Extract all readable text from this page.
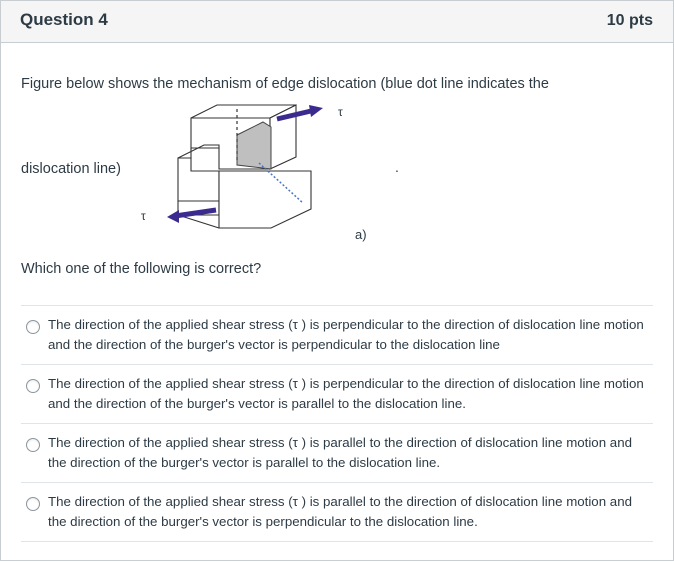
Question 4	10 pts
Figure below shows the mechanism of edge dislocation (blue dot line indicates the
τ
τ
a)
dislocation line)	.
Which one of the following is correct?
The direction of the applied shear stress (τ ) is perpendicular to the direction of dislocation line motion and the direction of the burger's vector is perpendicular to the dislocation line
The direction of the applied shear stress (τ ) is perpendicular to the direction of dislocation line motion and the direction of the burger's vector is parallel to the dislocation line.
The direction of the applied shear stress (τ ) is parallel to the direction of dislocation line motion and the direction of the burger's vector is parallel to the dislocation line.
The direction of the applied shear stress (τ ) is parallel to the direction of dislocation line motion and the direction of the burger's vector is perpendicular to the dislocation line.
